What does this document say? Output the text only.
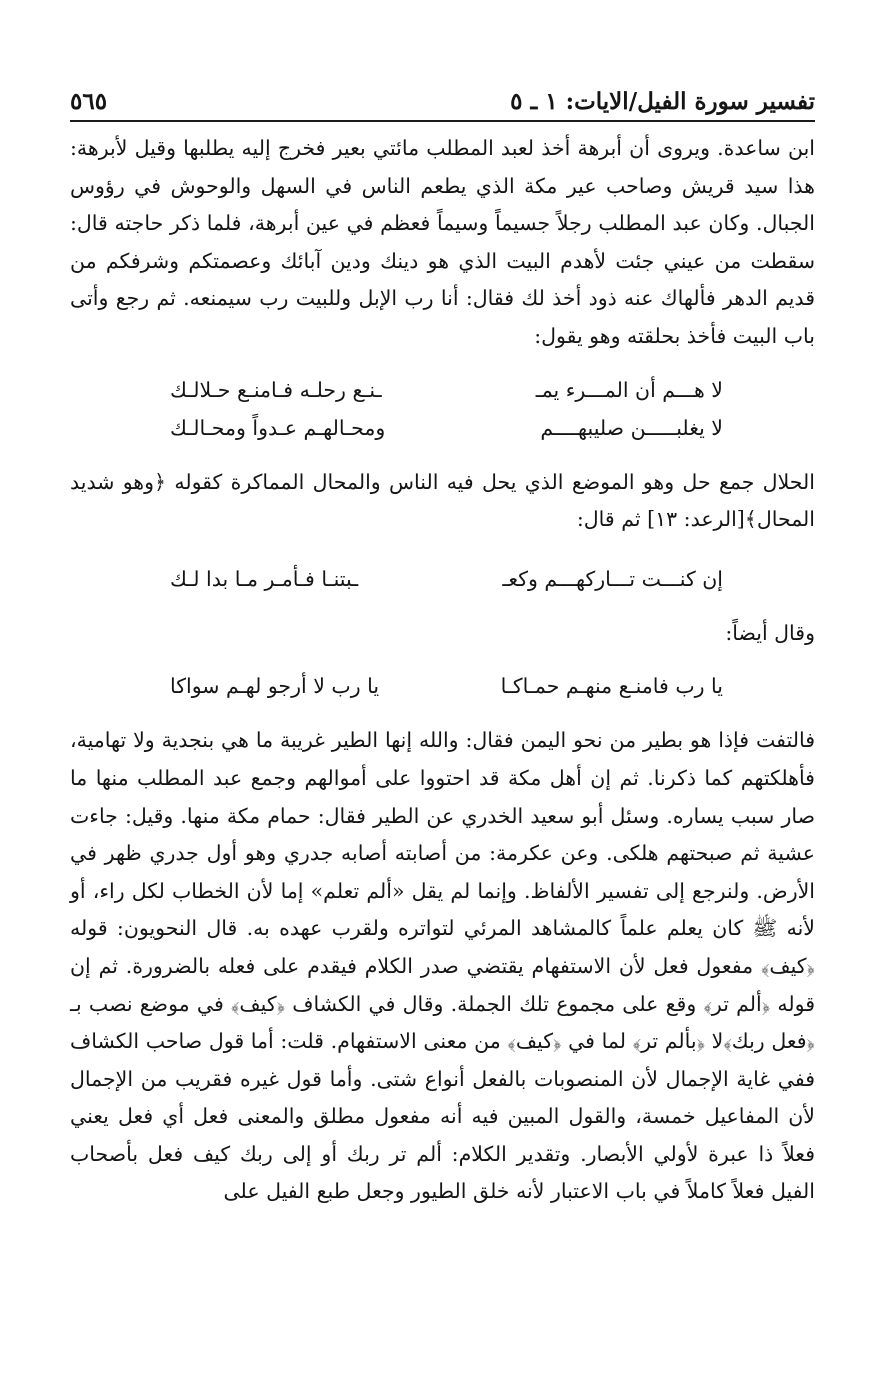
تفسير سورة الفيل/الايات: ١ ـ ٥
٥٦٥

ابن ساعدة. ويروى أن أبرهة أخذ لعبد المطلب مائتي بعير فخرج إليه يطلبها وقيل لأبرهة: هذا سيد قريش وصاحب عير مكة الذي يطعم الناس في السهل والوحوش في رؤوس الجبال. وكان عبد المطلب رجلاً جسيماً وسيماً فعظم في عين أبرهة، فلما ذكر حاجته قال: سقطت من عيني جئت لأهدم البيت الذي هو دينك ودين آبائك وعصمتكم وشرفكم من قديم الدهر فألهاك عنه ذود أخذ لك فقال: أنا رب الإبل وللبيت رب سيمنعه. ثم رجع وأتى باب البيت فأخذ بحلقته وهو يقول:

لا هـــم أن المـــرء يمـ
ـنـع رحلـه فـامنـع حـلالـك
لا يغلبـــــن صليبهــــم
ومحـالهـم عـدواً ومحـالـك

الحلال جمع حل وهو الموضع الذي يحل فيه الناس والمحال المماكرة كقوله ﴿وهو شديد المحال﴾[الرعد: ١٣] ثم قال:

إن كنـــت تـــاركهـــم وكعـ
ـبتنـا فـأمـر مـا بدا لـك

وقال أيضاً:

يا رب فامنـع منهـم حمـاكـا
يا رب لا أرجو لهـم سواكا

فالتفت فإذا هو بطير من نحو اليمن فقال: والله إنها الطير غريبة ما هي بنجدية ولا تهامية، فأهلكتهم كما ذكرنا. ثم إن أهل مكة قد احتووا على أموالهم وجمع عبد المطلب منها ما صار سبب يساره. وسئل أبو سعيد الخدري عن الطير فقال: حمام مكة منها. وقيل: جاءت عشية ثم صبحتهم هلكى. وعن عكرمة: من أصابته أصابه جدري وهو أول جدري ظهر في الأرض. ولنرجع إلى تفسير الألفاظ. وإنما لم يقل «ألم تعلم» إما لأن الخطاب لكل راء، أو لأنه ﷺ كان يعلم علماً كالمشاهد المرئي لتواتره ولقرب عهده به. قال النحويون: قوله ﴿كيف﴾ مفعول فعل لأن الاستفهام يقتضي صدر الكلام فيقدم على فعله بالضرورة. ثم إن قوله ﴿ألم تر﴾ وقع على مجموع تلك الجملة. وقال في الكشاف ﴿كيف﴾ في موضع نصب بـ ﴿فعل ربك﴾لا ﴿بألم تر﴾ لما في ﴿كيف﴾ من معنى الاستفهام. قلت: أما قول صاحب الكشاف ففي غاية الإجمال لأن المنصوبات بالفعل أنواع شتى. وأما قول غيره فقريب من الإجمال لأن المفاعيل خمسة، والقول المبين فيه أنه مفعول مطلق والمعنى فعل أي فعل يعني فعلاً ذا عبرة لأولي الأبصار. وتقدير الكلام: ألم تر ربك أو إلى ربك كيف فعل بأصحاب الفيل فعلاً كاملاً في باب الاعتبار لأنه خلق الطيور وجعل طبع الفيل على
